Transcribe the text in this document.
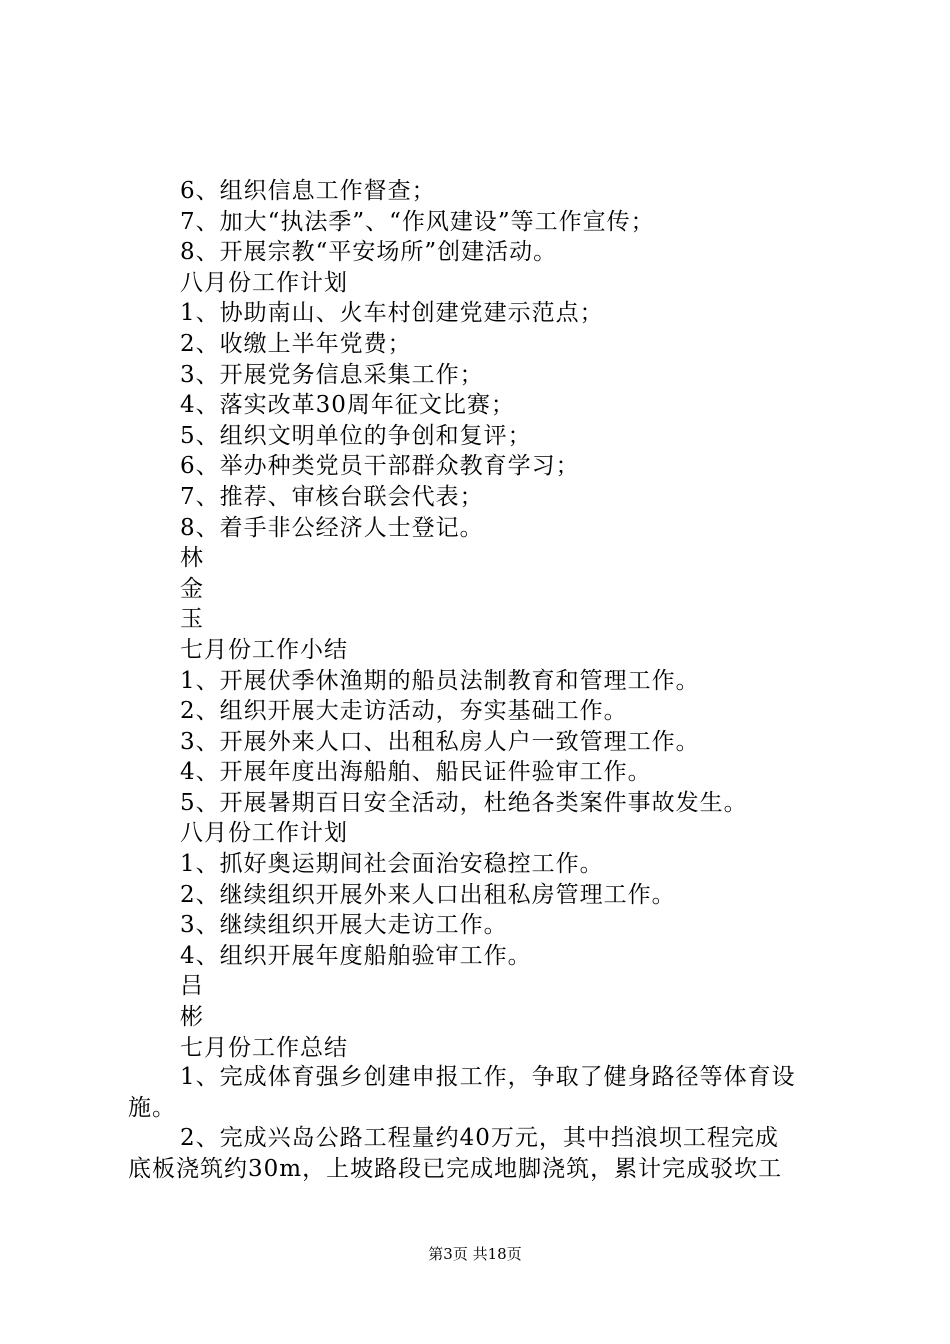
6、组织信息工作督查；
7、加大“执法季”、“作风建设”等工作宣传；
8、开展宗教“平安场所”创建活动。
八月份工作计划
1、协助南山、火车村创建党建示范点；
2、收缴上半年党费；
3、开展党务信息采集工作；
4、落实改革30周年征文比赛；
5、组织文明单位的争创和复评；
6、举办种类党员干部群众教育学习；
7、推荐、审核台联会代表；
8、着手非公经济人士登记。
林
金
玉
七月份工作小结
1、开展伏季休渔期的船员法制教育和管理工作。
2、组织开展大走访活动，夯实基础工作。
3、开展外来人口、出租私房人户一致管理工作。
4、开展年度出海船舶、船民证件验审工作。
5、开展暑期百日安全活动，杜绝各类案件事故发生。
八月份工作计划
1、抓好奥运期间社会面治安稳控工作。
2、继续组织开展外来人口出租私房管理工作。
3、继续组织开展大走访工作。
4、组织开展年度船舶验审工作。
吕
彬
七月份工作总结
1、完成体育强乡创建申报工作，争取了健身路径等体育设
施。
2、完成兴岛公路工程量约40万元，其中挡浪坝工程完成
底板浇筑约30m，上坡路段已完成地脚浇筑，累计完成驳坎工
第3页 共18页
